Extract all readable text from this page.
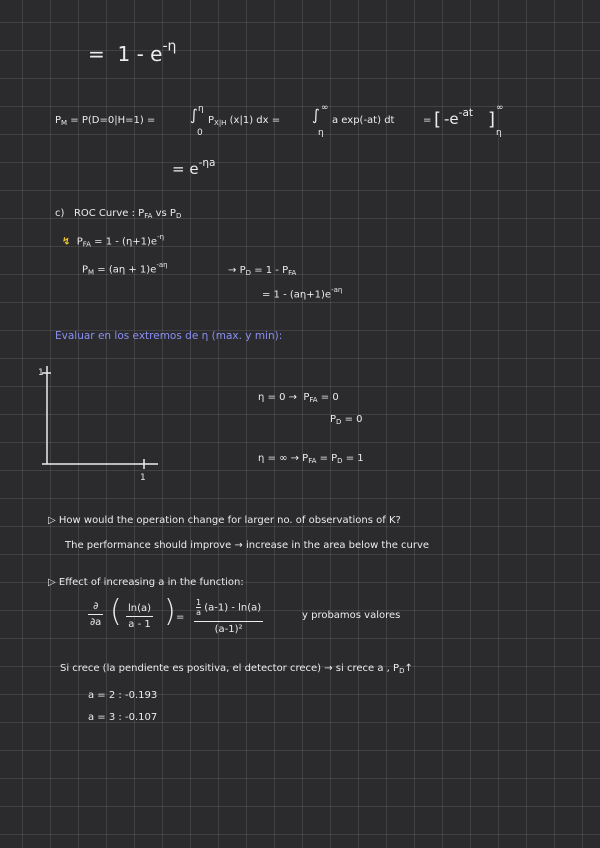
= $1 - e^{-\eta}$
$P_M = P(D=0|H=1)$ = ∫ η
0
$P_{X|H}$ (x|1) dx = ∫ ∞
η
a exp(-at) dt	= [ $-e^{-at}$ ]
∞
η
= $e^{-\eta a}$
c) ROC Curve : $P_{FA}$ vs $P_D$
↯ $P_{FA} = 1 - (\eta+1)e^{-\eta}$
$P_M = (a\eta + 1)e^{-a\eta}$	→ $P_D = 1 - P_{FA}$
= $1 - (a\eta+1)e^{-a\eta}$
Evaluar en los extremos de η (max. y min):
1
1
$\eta = 0 \to P_{FA} = 0$
$P_D = 0$
η = ∞ → $P_{FA} = P_D = 1$
▷ How would the operation change for larger no. of observations of K?
The performance should improve → increase in the area below the curve
▷ Effect of increasing a in the function:
∂
∂a ( ln(a)
a - 1 ) =
$\frac{1}{a} (a-1) - \ln(a)$
(a-1)²
y probamos valores
Si crece (la pendiente es positiva, el detector crece) → si crece a , $P_D↑$
a = 2 : -0.193
a = 3 : -0.107
